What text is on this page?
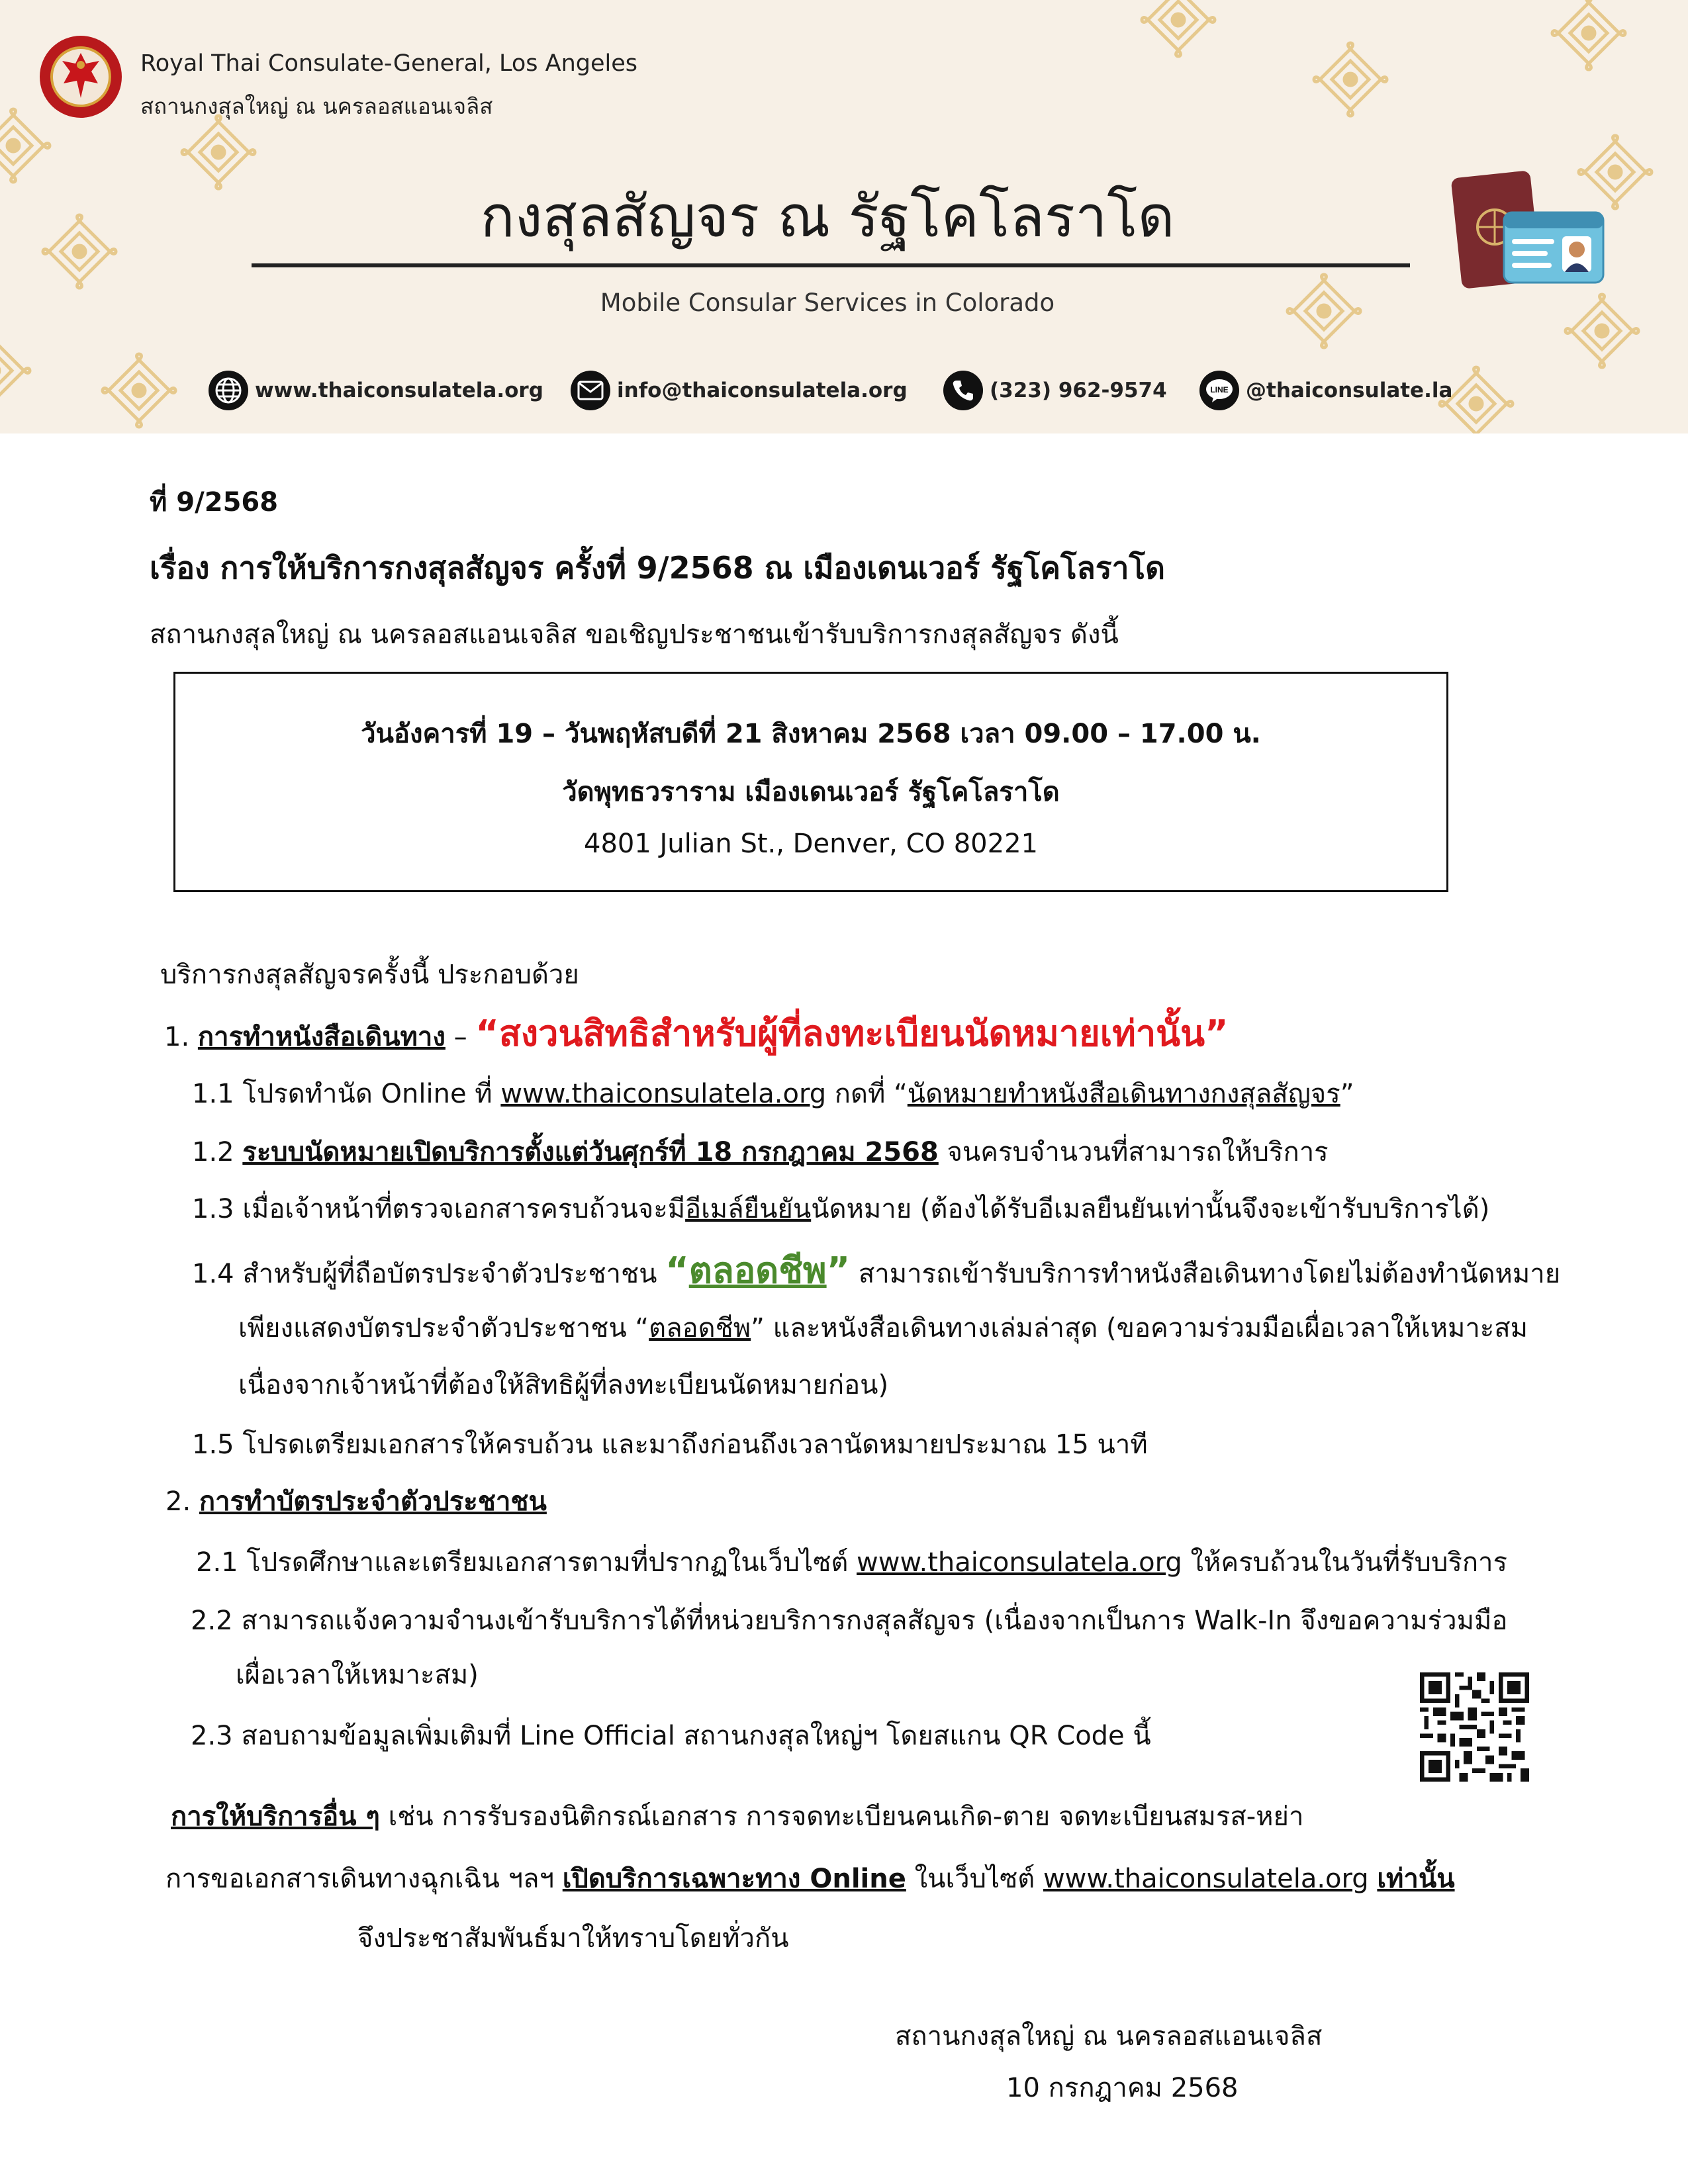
Royal Thai Consulate-General, Los Angeles
สถานกงสุลใหญ่ ณ นครลอสแอนเจลิส
กงสุลสัญจร ณ รัฐโคโลราโด
Mobile Consular Services in Colorado
www.thaiconsulatela.org	info@thaiconsulatela.org	(323) 962-9574	LINE @thaiconsulate.la
ที่ 9/2568
เรื่อง การให้บริการกงสุลสัญจร ครั้งที่ 9/2568 ณ เมืองเดนเวอร์ รัฐโคโลราโด
สถานกงสุลใหญ่ ณ นครลอสแอนเจลิส ขอเชิญประชาชนเข้ารับบริการกงสุลสัญจร ดังนี้
วันอังคารที่ 19 – วันพฤหัสบดีที่ 21 สิงหาคม 2568 เวลา 09.00 – 17.00 น.
วัดพุทธวราราม เมืองเดนเวอร์ รัฐโคโลราโด
4801 Julian St., Denver, CO 80221
บริการกงสุลสัญจรครั้งนี้ ประกอบด้วย
1. การทำหนังสือเดินทาง – “สงวนสิทธิสำหรับผู้ที่ลงทะเบียนนัดหมายเท่านั้น”
1.1 โปรดทำนัด Online ที่ www.thaiconsulatela.org กดที่ “นัดหมายทำหนังสือเดินทางกงสุลสัญจร”
1.2 ระบบนัดหมายเปิดบริการตั้งแต่วันศุกร์ที่ 18 กรกฎาคม 2568 จนครบจำนวนที่สามารถให้บริการ
1.3 เมื่อเจ้าหน้าที่ตรวจเอกสารครบถ้วนจะมีอีเมล์ยืนยันนัดหมาย (ต้องได้รับอีเมลยืนยันเท่านั้นจึงจะเข้ารับบริการได้)
1.4 สำหรับผู้ที่ถือบัตรประจำตัวประชาชน “ตลอดชีพ” สามารถเข้ารับบริการทำหนังสือเดินทางโดยไม่ต้องทำนัดหมาย
เพียงแสดงบัตรประจำตัวประชาชน “ตลอดชีพ” และหนังสือเดินทางเล่มล่าสุด (ขอความร่วมมือเผื่อเวลาให้เหมาะสม
เนื่องจากเจ้าหน้าที่ต้องให้สิทธิผู้ที่ลงทะเบียนนัดหมายก่อน)
1.5 โปรดเตรียมเอกสารให้ครบถ้วน และมาถึงก่อนถึงเวลานัดหมายประมาณ 15 นาที
2. การทำบัตรประจำตัวประชาชน
2.1 โปรดศึกษาและเตรียมเอกสารตามที่ปรากฏในเว็บไซต์ www.thaiconsulatela.org ให้ครบถ้วนในวันที่รับบริการ
2.2 สามารถแจ้งความจำนงเข้ารับบริการได้ที่หน่วยบริการกงสุลสัญจร (เนื่องจากเป็นการ Walk-In จึงขอความร่วมมือ
เผื่อเวลาให้เหมาะสม)
2.3 สอบถามข้อมูลเพิ่มเติมที่ Line Official สถานกงสุลใหญ่ฯ โดยสแกน QR Code นี้
การให้บริการอื่น ๆ เช่น การรับรองนิติกรณ์เอกสาร การจดทะเบียนคนเกิด-ตาย จดทะเบียนสมรส-หย่า
การขอเอกสารเดินทางฉุกเฉิน ฯลฯ เปิดบริการเฉพาะทาง Online ในเว็บไซต์ www.thaiconsulatela.org เท่านั้น
จึงประชาสัมพันธ์มาให้ทราบโดยทั่วกัน
สถานกงสุลใหญ่ ณ นครลอสแอนเจลิส
10 กรกฎาคม 2568
